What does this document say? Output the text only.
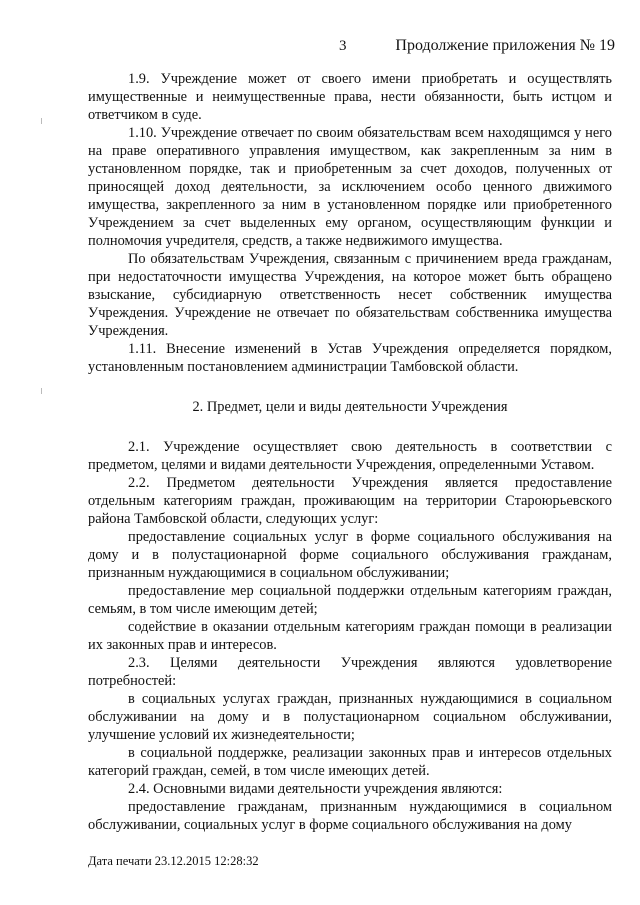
3	Продолжение приложения № 19

1.9. Учреждение может от своего имени приобретать и осуществлять имущественные и неимущественные права, нести обязанности, быть истцом и ответчиком в суде.

1.10. Учреждение отвечает по своим обязательствам всем находящимся у него на праве оперативного управления имуществом, как закрепленным за ним в установленном порядке, так и приобретенным за счет доходов, полученных от приносящей доход деятельности, за исключением особо ценного движимого имущества, закрепленного за ним в установленном порядке или приобретенного Учреждением за счет выделенных ему органом, осуществляющим функции и полномочия учредителя, средств, а также недвижимого имущества.

По обязательствам Учреждения, связанным с причинением вреда гражданам, при недостаточности имущества Учреждения, на которое может быть обращено взыскание, субсидиарную ответственность несет собственник имущества Учреждения. Учреждение не отвечает по обязательствам собственника имущества Учреждения.

1.11. Внесение изменений в Устав Учреждения определяется порядком, установленным постановлением администрации Тамбовской области.

2. Предмет, цели и виды деятельности Учреждения

2.1. Учреждение осуществляет свою деятельность в соответствии с предметом, целями и видами деятельности Учреждения, определенными Уставом.

2.2. Предметом деятельности Учреждения является предоставление отдельным категориям граждан, проживающим на территории Староюрьевского района Тамбовской области, следующих услуг:

предоставление социальных услуг в форме социального обслуживания на дому и в полустационарной форме социального обслуживания гражданам, признанным нуждающимися в социальном обслуживании;

предоставление мер социальной поддержки отдельным категориям граждан, семьям, в том числе имеющим детей;

содействие в оказании отдельным категориям граждан помощи в реализации их законных прав и интересов.

2.3. Целями деятельности Учреждения являются удовлетворение потребностей:

в социальных услугах граждан, признанных нуждающимися в социальном обслуживании на дому и в полустационарном социальном обслуживании, улучшение условий их жизнедеятельности;

в социальной поддержке, реализации законных прав и интересов отдельных категорий граждан, семей, в том числе имеющих детей.

2.4. Основными видами деятельности учреждения являются:

предоставление гражданам, признанным нуждающимися в социальном обслуживании, социальных услуг в форме социального обслуживания на дому

Дата печати 23.12.2015 12:28:32
